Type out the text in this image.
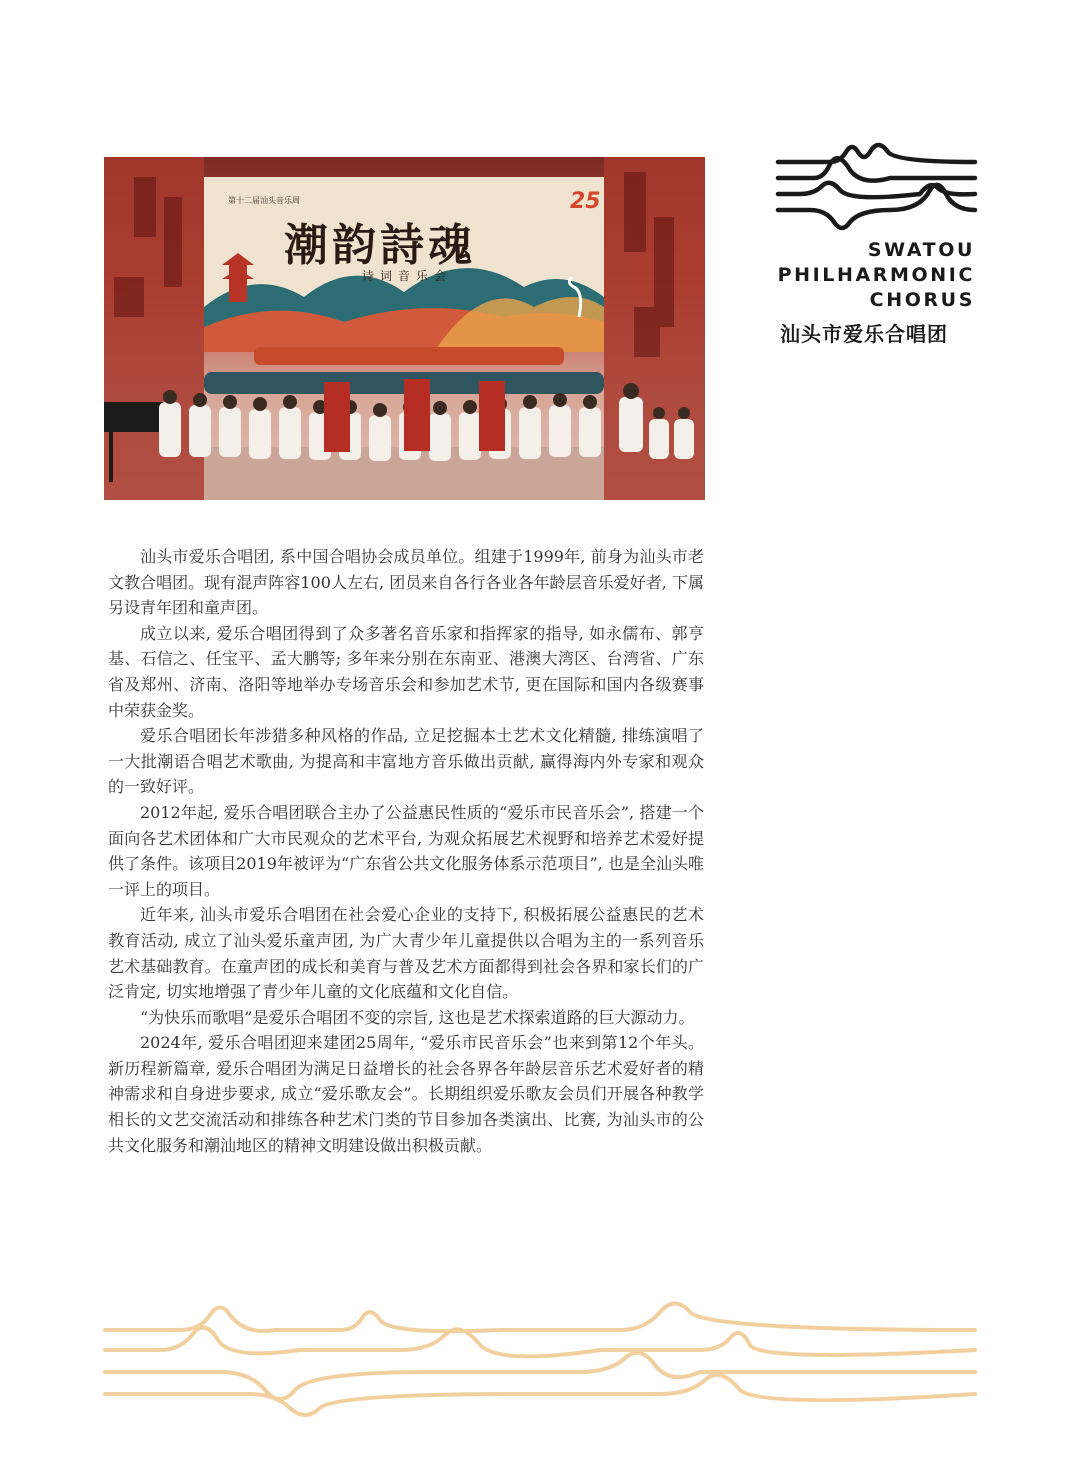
第十二届汕头音乐周
潮韵詩魂
诗词音乐会
25
SWATOU
PHILHARMONIC
CHORUS
汕头市爱乐合唱团

汕头市爱乐合唱团, 系中国合唱协会成员单位。组建于1999年, 前身为汕头市老文教合唱团。现有混声阵容100人左右, 团员来自各行各业各年龄层音乐爱好者, 下属另设青年团和童声团。

成立以来, 爱乐合唱团得到了众多著名音乐家和指挥家的指导, 如永儒布、郭亨基、石信之、任宝平、孟大鹏等; 多年来分别在东南亚、港澳大湾区、台湾省、广东省及郑州、济南、洛阳等地举办专场音乐会和参加艺术节, 更在国际和国内各级赛事中荣获金奖。

爱乐合唱团长年涉猎多种风格的作品, 立足挖掘本土艺术文化精髓, 排练演唱了一大批潮语合唱艺术歌曲, 为提高和丰富地方音乐做出贡献, 赢得海内外专家和观众的一致好评。

2012年起, 爱乐合唱团联合主办了公益惠民性质的“爱乐市民音乐会”, 搭建一个面向各艺术团体和广大市民观众的艺术平台, 为观众拓展艺术视野和培养艺术爱好提供了条件。该项目2019年被评为“广东省公共文化服务体系示范项目”, 也是全汕头唯一评上的项目。

近年来, 汕头市爱乐合唱团在社会爱心企业的支持下, 积极拓展公益惠民的艺术教育活动, 成立了汕头爱乐童声团, 为广大青少年儿童提供以合唱为主的一系列音乐艺术基础教育。在童声团的成长和美育与普及艺术方面都得到社会各界和家长们的广泛肯定, 切实地增强了青少年儿童的文化底蕴和文化自信。

“为快乐而歌唱”是爱乐合唱团不变的宗旨, 这也是艺术探索道路的巨大源动力。

2024年, 爱乐合唱团迎来建团25周年, “爱乐市民音乐会”也来到第12个年头。新历程新篇章, 爱乐合唱团为满足日益增长的社会各界各年龄层音乐艺术爱好者的精神需求和自身进步要求, 成立“爱乐歌友会”。长期组织爱乐歌友会员们开展各种教学相长的文艺交流活动和排练各种艺术门类的节目参加各类演出、比赛, 为汕头市的公共文化服务和潮汕地区的精神文明建设做出积极贡献。
